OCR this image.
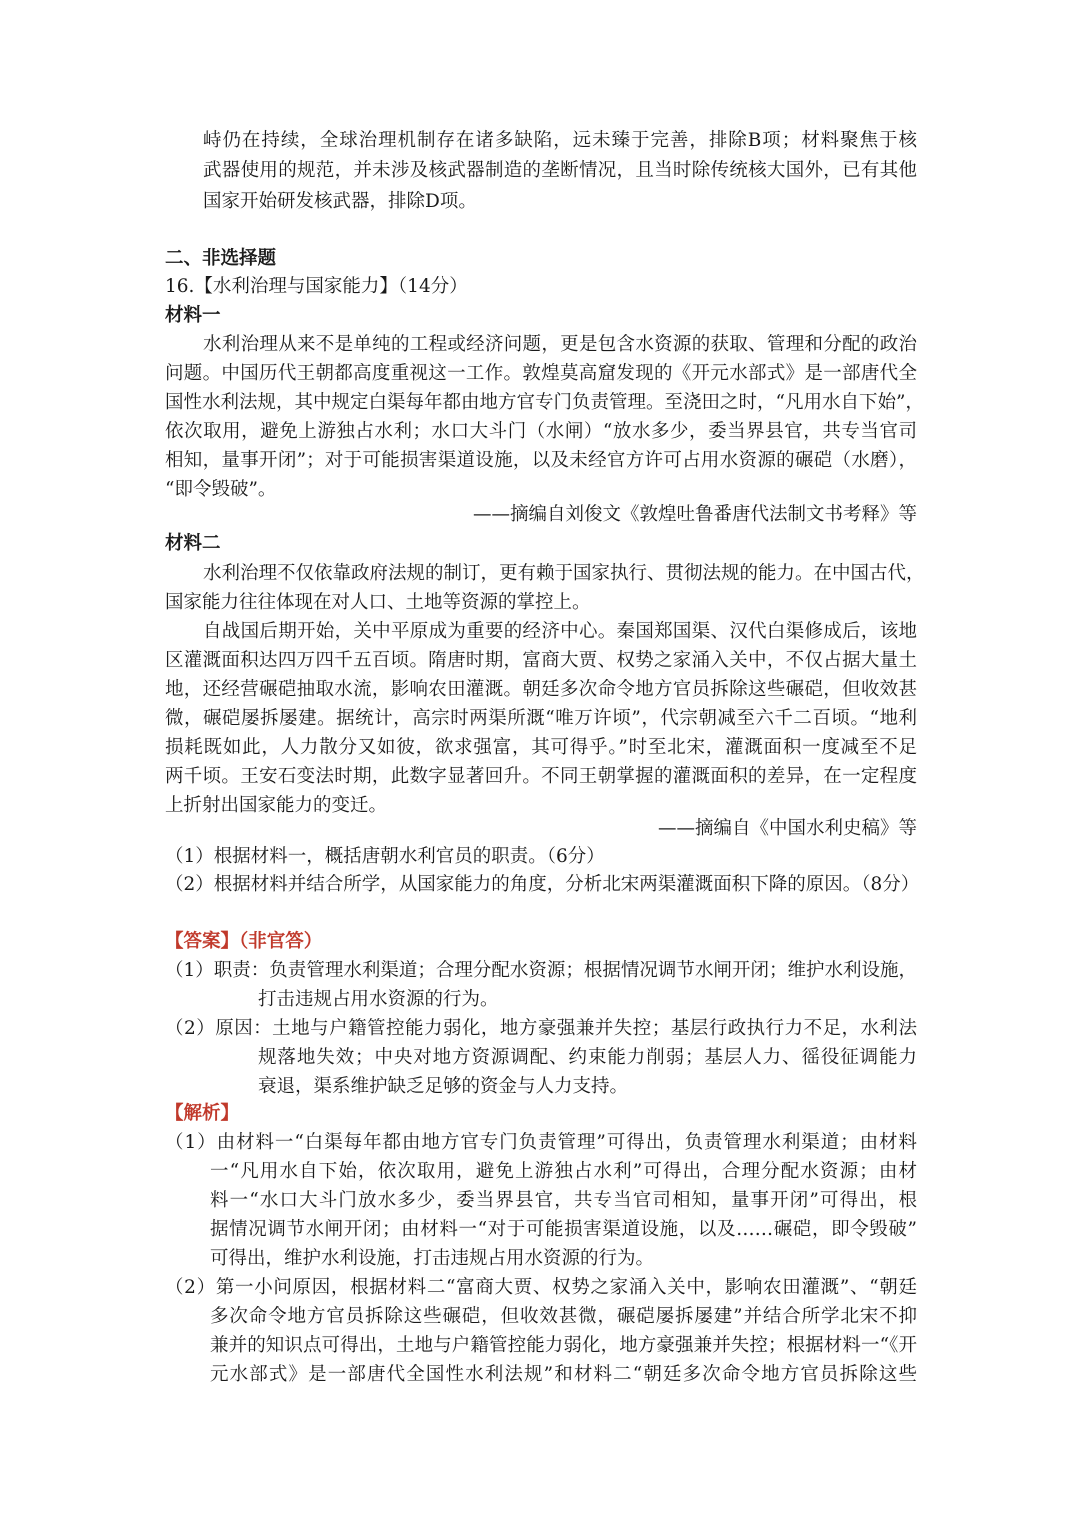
峙仍在持续，全球治理机制存在诸多缺陷，远未臻于完善，排除B项；材料聚焦于核
武器使用的规范，并未涉及核武器制造的垄断情况，且当时除传统核大国外，已有其他
国家开始研发核武器，排除D项。
二、非选择题
16.【水利治理与国家能力】（14分）
材料一
水利治理从来不是单纯的工程或经济问题，更是包含水资源的获取、管理和分配的政治
问题。中国历代王朝都高度重视这一工作。敦煌莫高窟发现的《开元水部式》是一部唐代全
国性水利法规，其中规定白渠每年都由地方官专门负责管理。至浇田之时，“凡用水自下始”，
依次取用，避免上游独占水利；水口大斗门（水闸）“放水多少，委当界县官，共专当官司
相知，量事开闭”；对于可能损害渠道设施，以及未经官方许可占用水资源的碾硙（水磨），
“即令毁破”。
——摘编自刘俊文《敦煌吐鲁番唐代法制文书考释》等
材料二
水利治理不仅依靠政府法规的制订，更有赖于国家执行、贯彻法规的能力。在中国古代，
国家能力往往体现在对人口、土地等资源的掌控上。
自战国后期开始，关中平原成为重要的经济中心。秦国郑国渠、汉代白渠修成后，该地
区灌溉面积达四万四千五百顷。隋唐时期，富商大贾、权势之家涌入关中，不仅占据大量土
地，还经营碾硙抽取水流，影响农田灌溉。朝廷多次命令地方官员拆除这些碾硙，但收效甚
微，碾硙屡拆屡建。据统计，高宗时两渠所溉“唯万许顷”，代宗朝减至六千二百顷。“地利
损耗既如此，人力散分又如彼，欲求强富，其可得乎。”时至北宋，灌溉面积一度减至不足
两千顷。王安石变法时期，此数字显著回升。不同王朝掌握的灌溉面积的差异，在一定程度
上折射出国家能力的变迁。
——摘编自《中国水利史稿》等
（1）根据材料一，概括唐朝水利官员的职责。（6分）
（2）根据材料并结合所学，从国家能力的角度，分析北宋两渠灌溉面积下降的原因。（8分）
【答案】（非官答）
（1）职责：负责管理水利渠道；合理分配水资源；根据情况调节水闸开闭；维护水利设施，
打击违规占用水资源的行为。
（2）原因：土地与户籍管控能力弱化，地方豪强兼并失控；基层行政执行力不足，水利法
规落地失效；中央对地方资源调配、约束能力削弱；基层人力、徭役征调能力
衰退，渠系维护缺乏足够的资金与人力支持。
【解析】
（1）由材料一“白渠每年都由地方官专门负责管理”可得出，负责管理水利渠道；由材料
一“凡用水自下始，依次取用，避免上游独占水利”可得出，合理分配水资源；由材
料一“水口大斗门放水多少，委当界县官，共专当官司相知，量事开闭”可得出，根
据情况调节水闸开闭；由材料一“对于可能损害渠道设施，以及……碾硙，即令毁破”
可得出，维护水利设施，打击违规占用水资源的行为。
（2）第一小问原因，根据材料二“富商大贾、权势之家涌入关中，影响农田灌溉”、“朝廷
多次命令地方官员拆除这些碾硙，但收效甚微，碾硙屡拆屡建”并结合所学北宋不抑
兼并的知识点可得出，土地与户籍管控能力弱化，地方豪强兼并失控；根据材料一“《开
元水部式》是一部唐代全国性水利法规”和材料二“朝廷多次命令地方官员拆除这些
